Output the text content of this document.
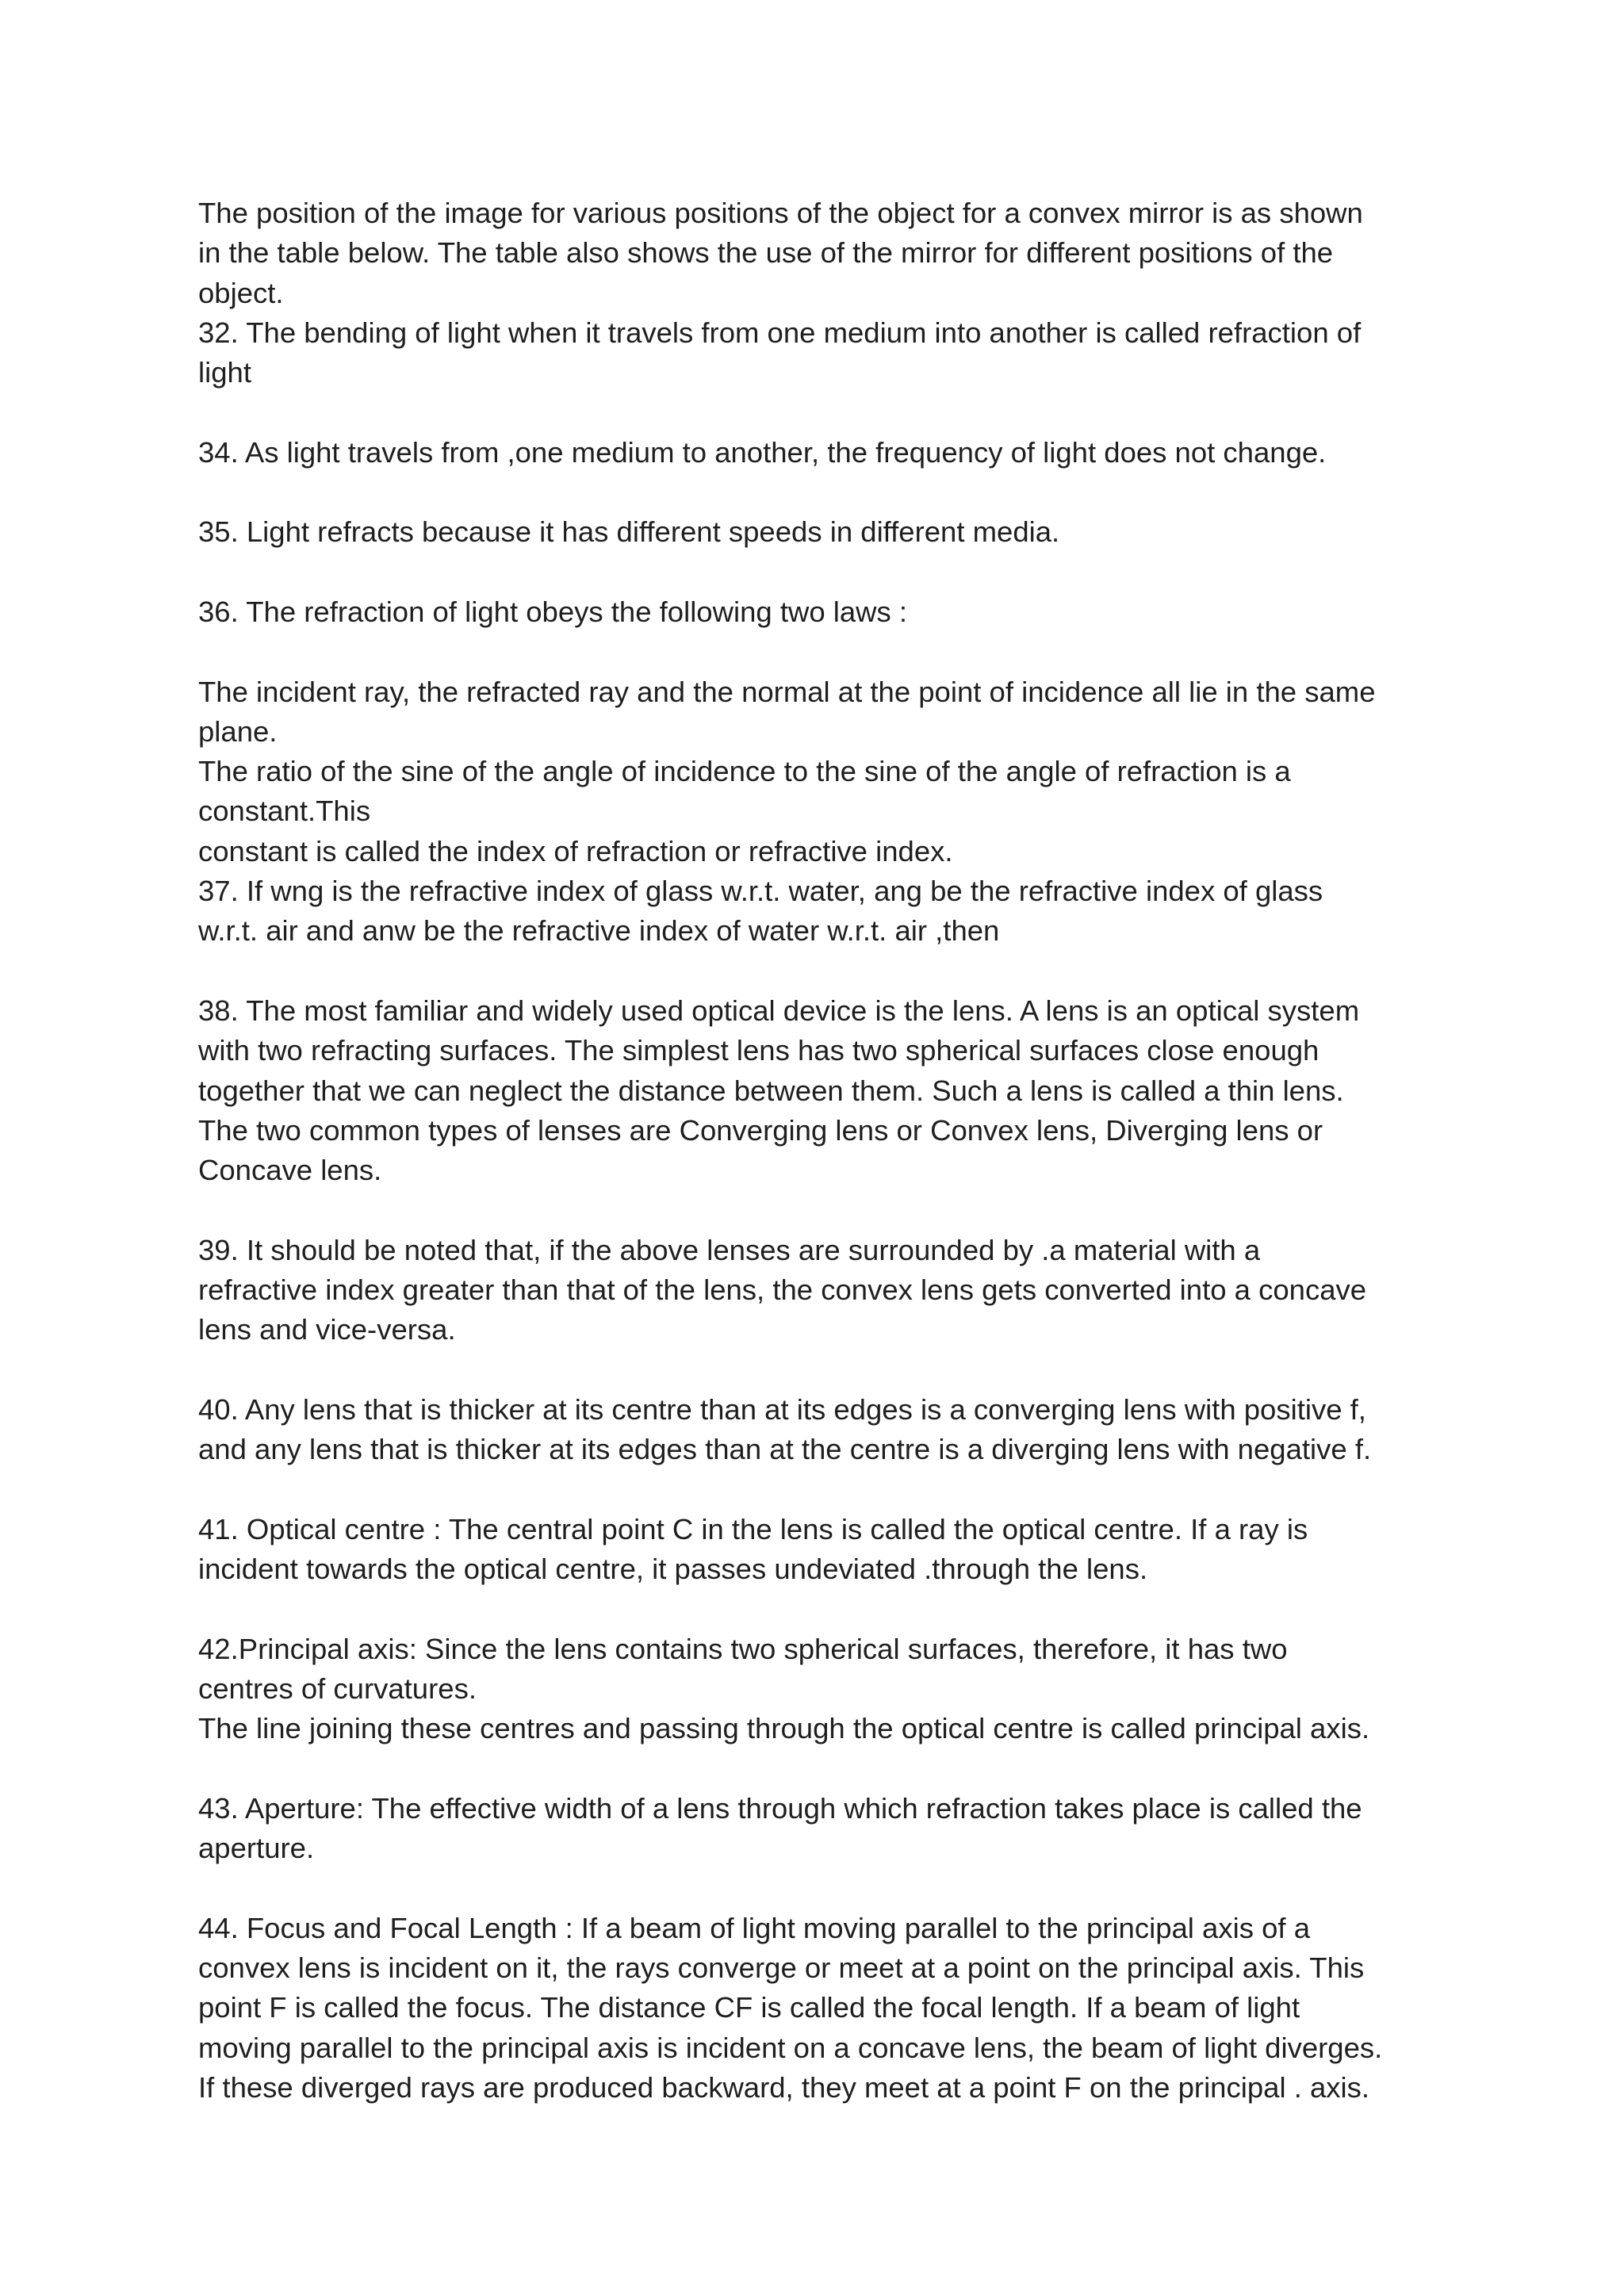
The position of the image for various positions of the object for a convex mirror is as shown
in the table below. The table also shows the use of the mirror for different positions of the
object.
32. The bending of light when it travels from one medium into another is called refraction of
light
34. As light travels from ,one medium to another, the frequency of light does not change.
35. Light refracts because it has different speeds in different media.
36. The refraction of light obeys the following two laws :
The incident ray, the refracted ray and the normal at the point of incidence all lie in the same
plane.
The ratio of the sine of the angle of incidence to the sine of the angle of refraction is a
constant.This
constant is called the index of refraction or refractive index.
37. If wng is the refractive index of glass w.r.t. water, ang be the refractive index of glass
w.r.t. air and anw be the refractive index of water w.r.t. air ,then
38. The most familiar and widely used optical device is the lens. A lens is an optical system
with two refracting surfaces. The simplest lens has two spherical surfaces close enough
together that we can neglect the distance between them. Such a lens is called a thin lens.
The two common types of lenses are Converging lens or Convex lens, Diverging lens or
Concave lens.
39. It should be noted that, if the above lenses are surrounded by .a material with a
refractive index greater than that of the lens, the convex lens gets converted into a concave
lens and vice-versa.
40. Any lens that is thicker at its centre than at its edges is a converging lens with positive f,
and any lens that is thicker at its edges than at the centre is a diverging lens with negative f.
41. Optical centre : The central point C in the lens is called the optical centre. If a ray is
incident towards the optical centre, it passes undeviated .through the lens.
42.Principal axis: Since the lens contains two spherical surfaces, therefore, it has two
centres of curvatures.
The line joining these centres and passing through the optical centre is called principal axis.
43. Aperture: The effective width of a lens through which refraction takes place is called the
aperture.
44. Focus and Focal Length : If a beam of light moving parallel to the principal axis of a
convex lens is incident on it, the rays converge or meet at a point on the principal axis. This
point F is called the focus. The distance CF is called the focal length. If a beam of light
moving parallel to the principal axis is incident on a concave lens, the beam of light diverges.
If these diverged rays are produced backward, they meet at a point F on the principal . axis.
